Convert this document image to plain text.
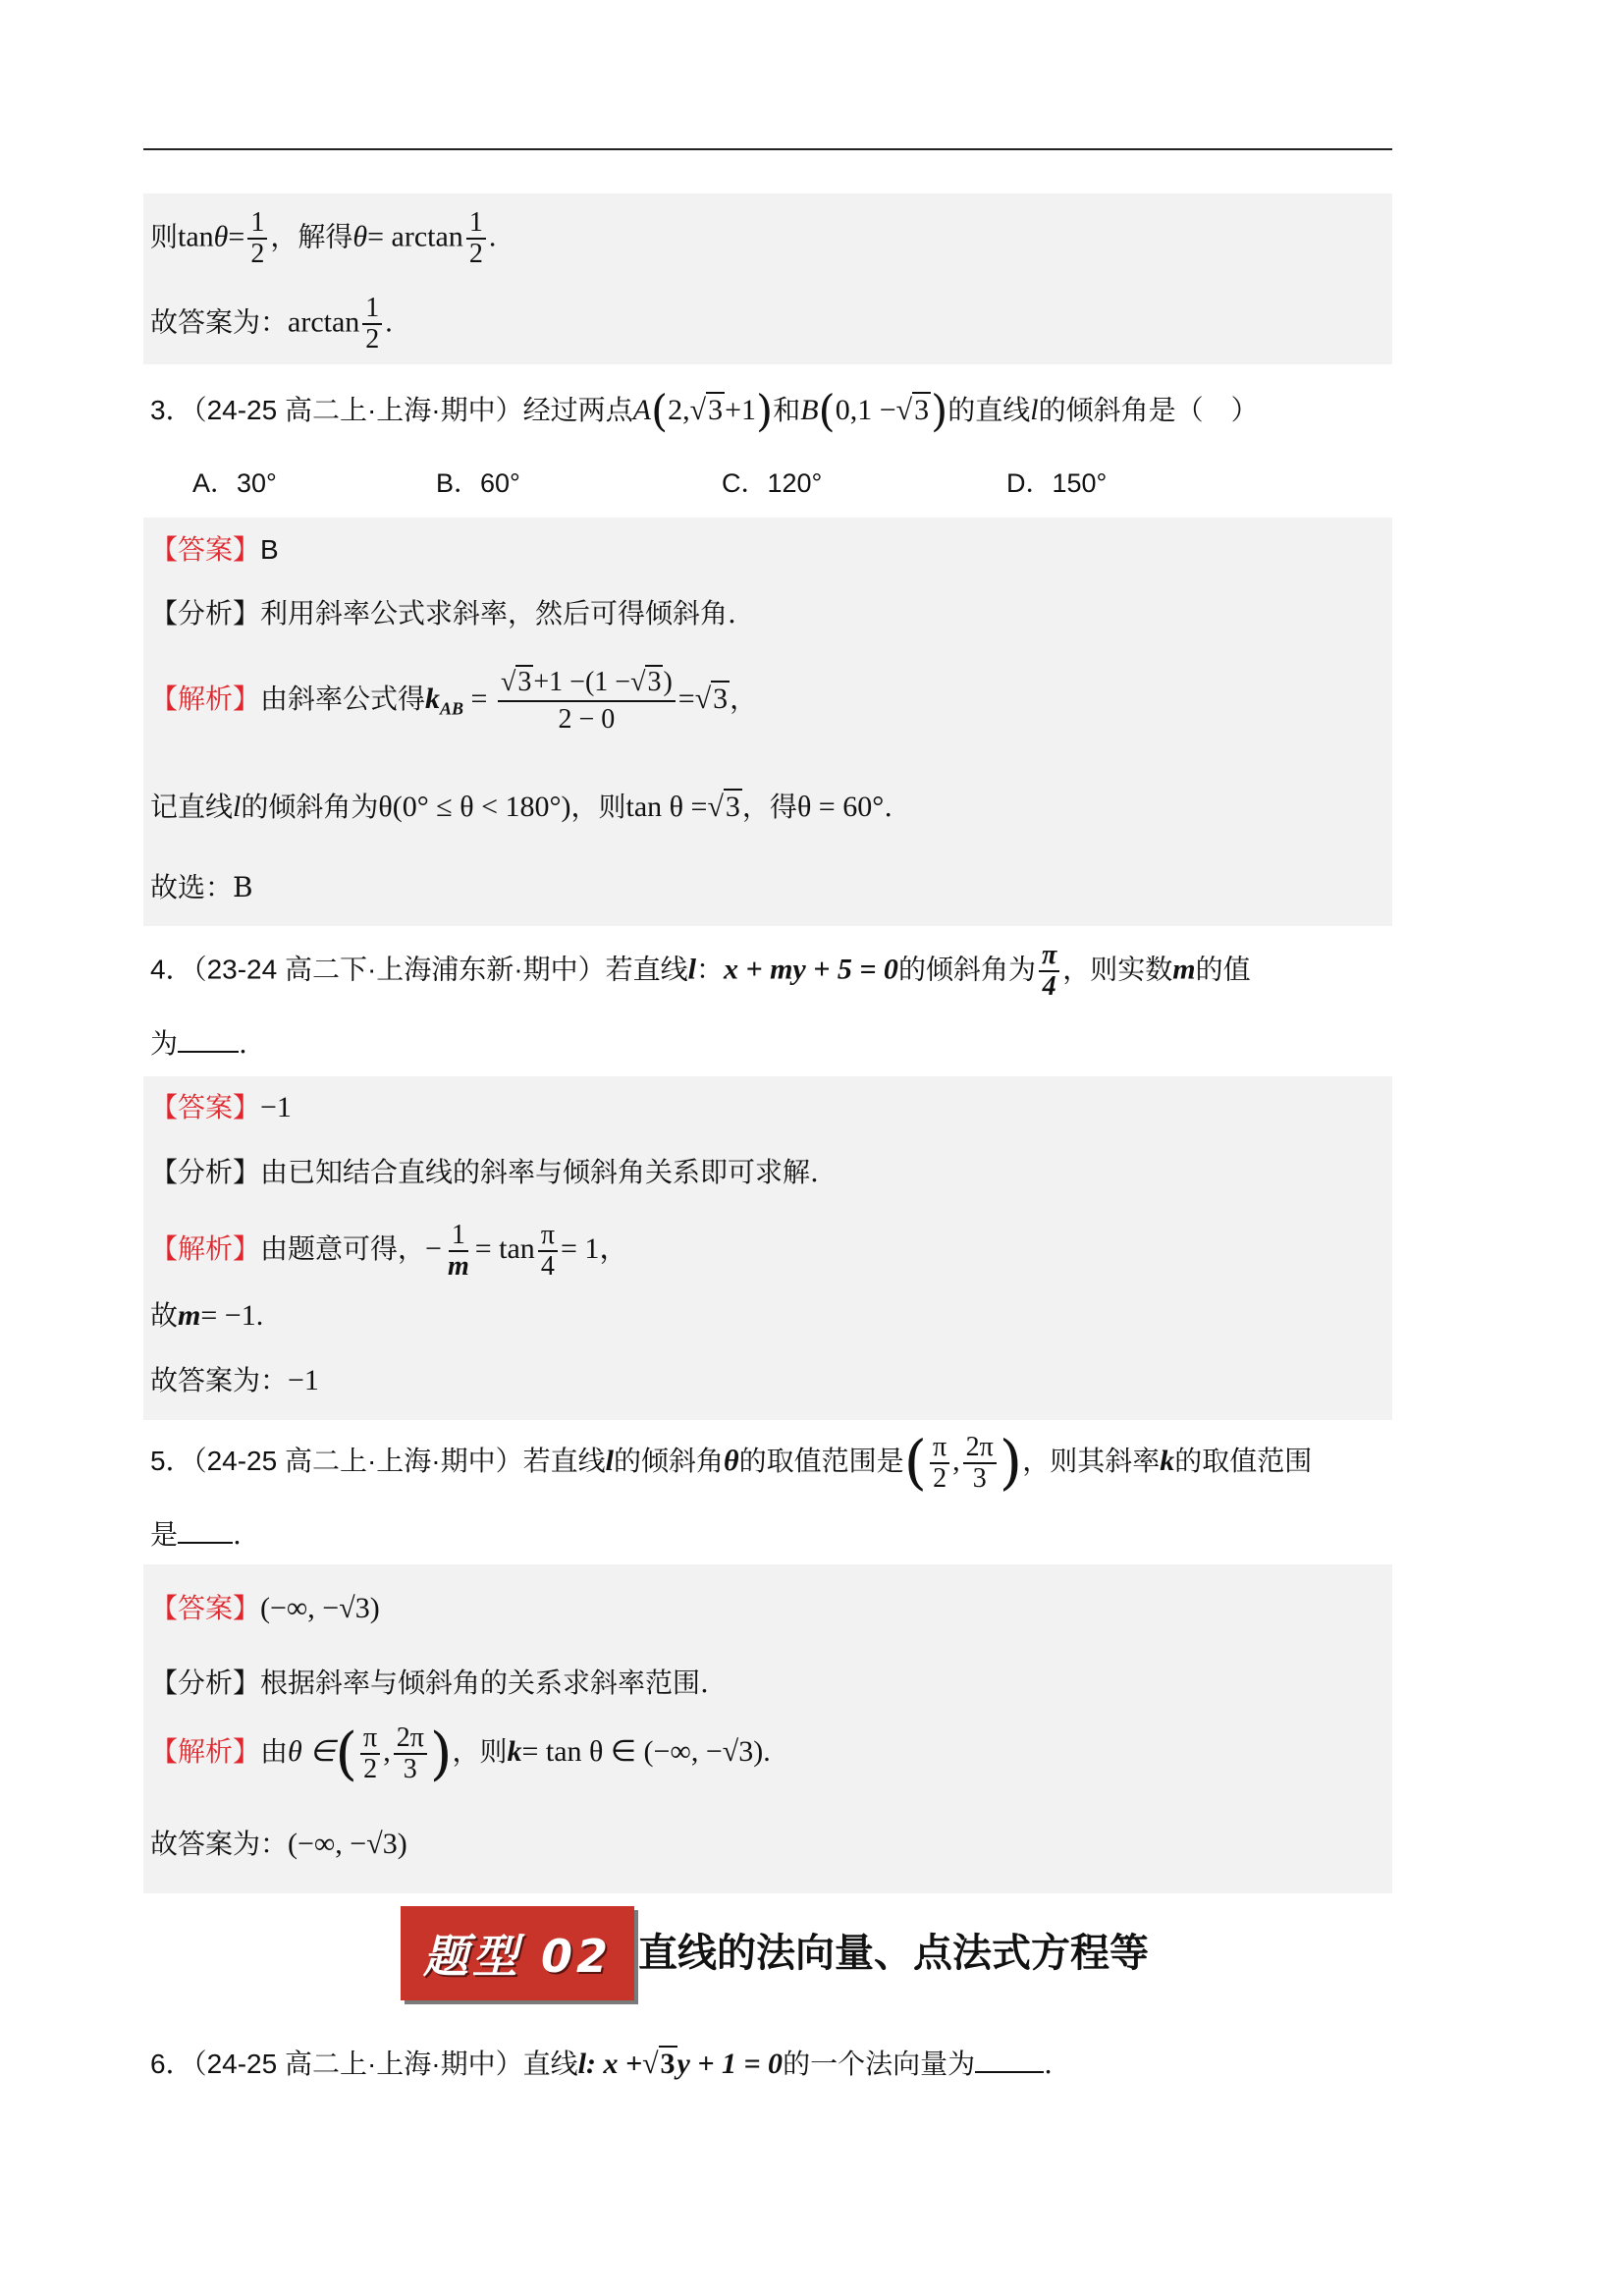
则$\tan\theta= \frac{1}{2}$ ，解得$\theta= \arctan \frac{1}{2}$ .
故答案为：$\arctan \frac{1}{2}$ .
3．（24-25 高二上·上海·期中）经过两点A(2,√3+1)和B(0,1 −√3)的直线l的倾斜角是（　）
A．30°	B．60°	C．120°	D．150°
【答案】B
【分析】利用斜率公式求斜率，然后可得倾斜角.
【解析】由斜率公式得$k_{AB} = \frac{√3+1 -(1 -√3)}{2 - 0} =√3$，
记直线l的倾斜角为θ(0° ≤ θ < 180°)，则tan θ =√3，得θ = 60°.
故选：B
4．（23-24 高二下·上海浦东新·期中）若直线l：x + my + 5 = 0的倾斜角为 $\frac{\pi}{4}$ ，则实数m的值
为 .
【答案】−1
【分析】由已知结合直线的斜率与倾斜角关系即可求解.
【解析】由题意可得，− $\frac{1}{m} = \tan \frac{\pi}{4} = 1$，
故m= −1.
故答案为：−1
5．（24-25 高二上·上海·期中）若直线l的倾斜角θ的取值范围是( $\frac{\pi}{2}$ , $\frac{2\pi}{3}$ )，则其斜率k的取值范围
是 .
【答案】(−∞, −√3)
【分析】根据斜率与倾斜角的关系求斜率范围.
【解析】由θ ∈( $\frac{\pi}{2}$ , $\frac{2\pi}{3}$ )，则k= tan θ ∈ (−∞, −√3).
故答案为：(−∞, −√3)
题型 02 直线的法向量、点法式方程等
6．（24-25 高二上·上海·期中）直线l: x +√3y + 1 = 0的一个法向量为	.
